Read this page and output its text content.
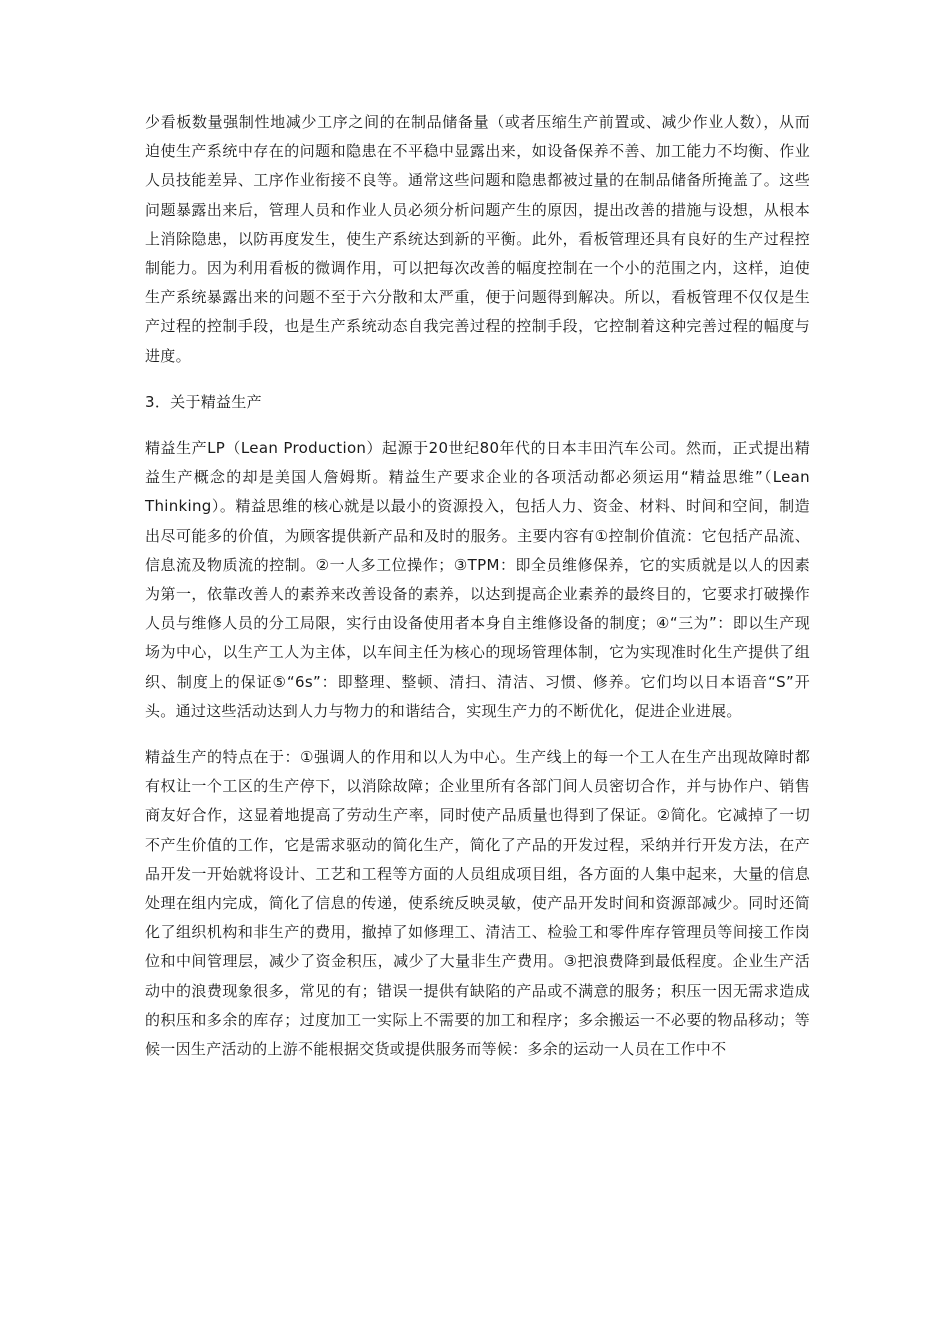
少看板数量强制性地减少工序之间的在制品储备量（或者压缩生产前置或、减少作业人数），从而迫使生产系统中存在的问题和隐患在不平稳中显露出来，如设备保养不善、加工能力不均衡、作业人员技能差异、工序作业衔接不良等。通常这些问题和隐患都被过量的在制品储备所掩盖了。这些问题暴露出来后，管理人员和作业人员必须分析问题产生的原因，提出改善的措施与设想，从根本上消除隐患，以防再度发生，使生产系统达到新的平衡。此外，看板管理还具有良好的生产过程控制能力。因为利用看板的微调作用，可以把每次改善的幅度控制在一个小的范围之内，这样，迫使生产系统暴露出来的问题不至于六分散和太严重，便于问题得到解决。所以，看板管理不仅仅是生产过程的控制手段，也是生产系统动态自我完善过程的控制手段，它控制着这种完善过程的幅度与进度。

3．关于精益生产

精益生产LP（Lean Production）起源于20世纪80年代的日本丰田汽车公司。然而，正式提出精益生产概念的却是美国人詹姆斯。精益生产要求企业的各项活动都必须运用“精益思维”（Lean Thinking）。精益思维的核心就是以最小的资源投入，包括人力、资金、材料、时间和空间，制造出尽可能多的价值，为顾客提供新产品和及时的服务。主要内容有①控制价值流：它包括产品流、信息流及物质流的控制。②一人多工位操作；③TPM：即全员维修保养，它的实质就是以人的因素为第一，依靠改善人的素养来改善设备的素养，以达到提高企业素养的最终目的，它要求打破操作人员与维修人员的分工局限，实行由设备使用者本身自主维修设备的制度；④“三为”：即以生产现场为中心，以生产工人为主体，以车间主任为核心的现场管理体制，它为实现准时化生产提供了组织、制度上的保证⑤“6s”：即整理、整顿、清扫、清洁、习惯、修养。它们均以日本语音“S”开头。通过这些活动达到人力与物力的和谐结合，实现生产力的不断优化，促进企业进展。

精益生产的特点在于：①强调人的作用和以人为中心。生产线上的每一个工人在生产出现故障时都有权让一个工区的生产停下，以消除故障；企业里所有各部门间人员密切合作，并与协作户、销售商友好合作，这显着地提高了劳动生产率，同时使产品质量也得到了保证。②简化。它减掉了一切不产生价值的工作，它是需求驱动的简化生产，简化了产品的开发过程，采纳并行开发方法，在产品开发一开始就将设计、工艺和工程等方面的人员组成项目组，各方面的人集中起来，大量的信息处理在组内完成，简化了信息的传递，使系统反映灵敏，使产品开发时间和资源部减少。同时还简化了组织机构和非生产的费用，撤掉了如修理工、清洁工、检验工和零件库存管理员等间接工作岗位和中间管理层，减少了资金积压，减少了大量非生产费用。③把浪费降到最低程度。企业生产活动中的浪费现象很多，常见的有；错误一提供有缺陷的产品或不满意的服务；积压一因无需求造成的积压和多余的库存；过度加工一实际上不需要的加工和程序；多余搬运一不必要的物品移动；等候一因生产活动的上游不能根据交货或提供服务而等候：多余的运动一人员在工作中不
